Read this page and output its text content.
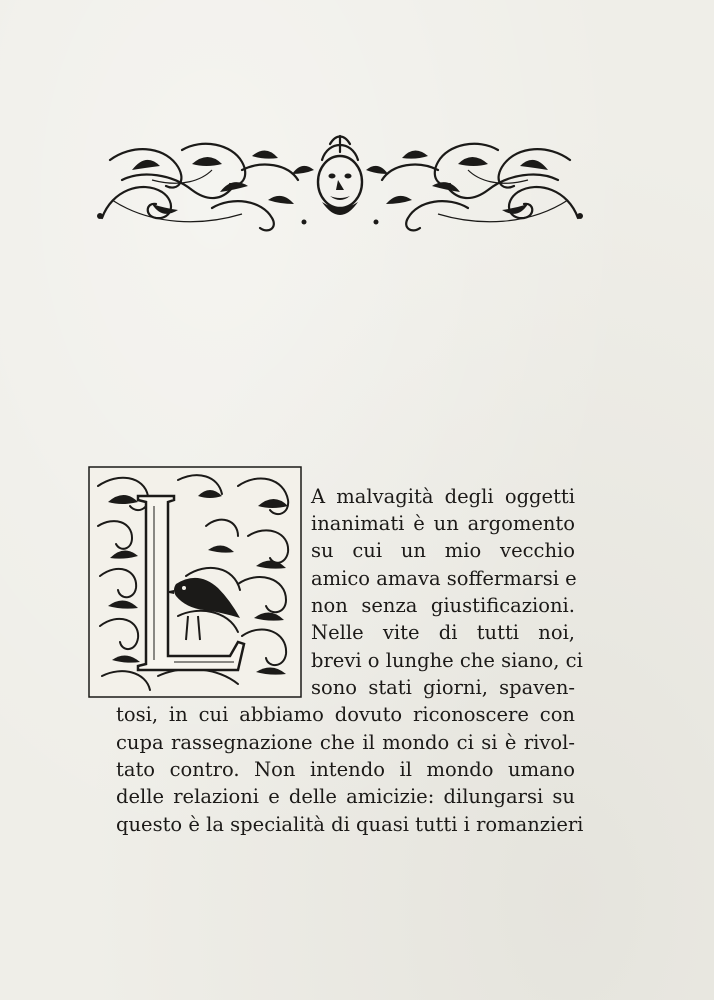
A malvagità degli oggetti
inanimati è un argomento
su cui un mio vecchio
amico amava soffermarsi e
non senza giustificazioni.
Nelle vite di tutti noi,
brevi o lunghe che siano, ci
sono stati giorni, spaven-
tosi, in cui abbiamo dovuto riconoscere con
cupa rassegnazione che il mondo ci si è rivol-
tato contro. Non intendo il mondo umano
delle relazioni e delle amicizie: dilungarsi su
questo è la specialità di quasi tutti i romanzieri
